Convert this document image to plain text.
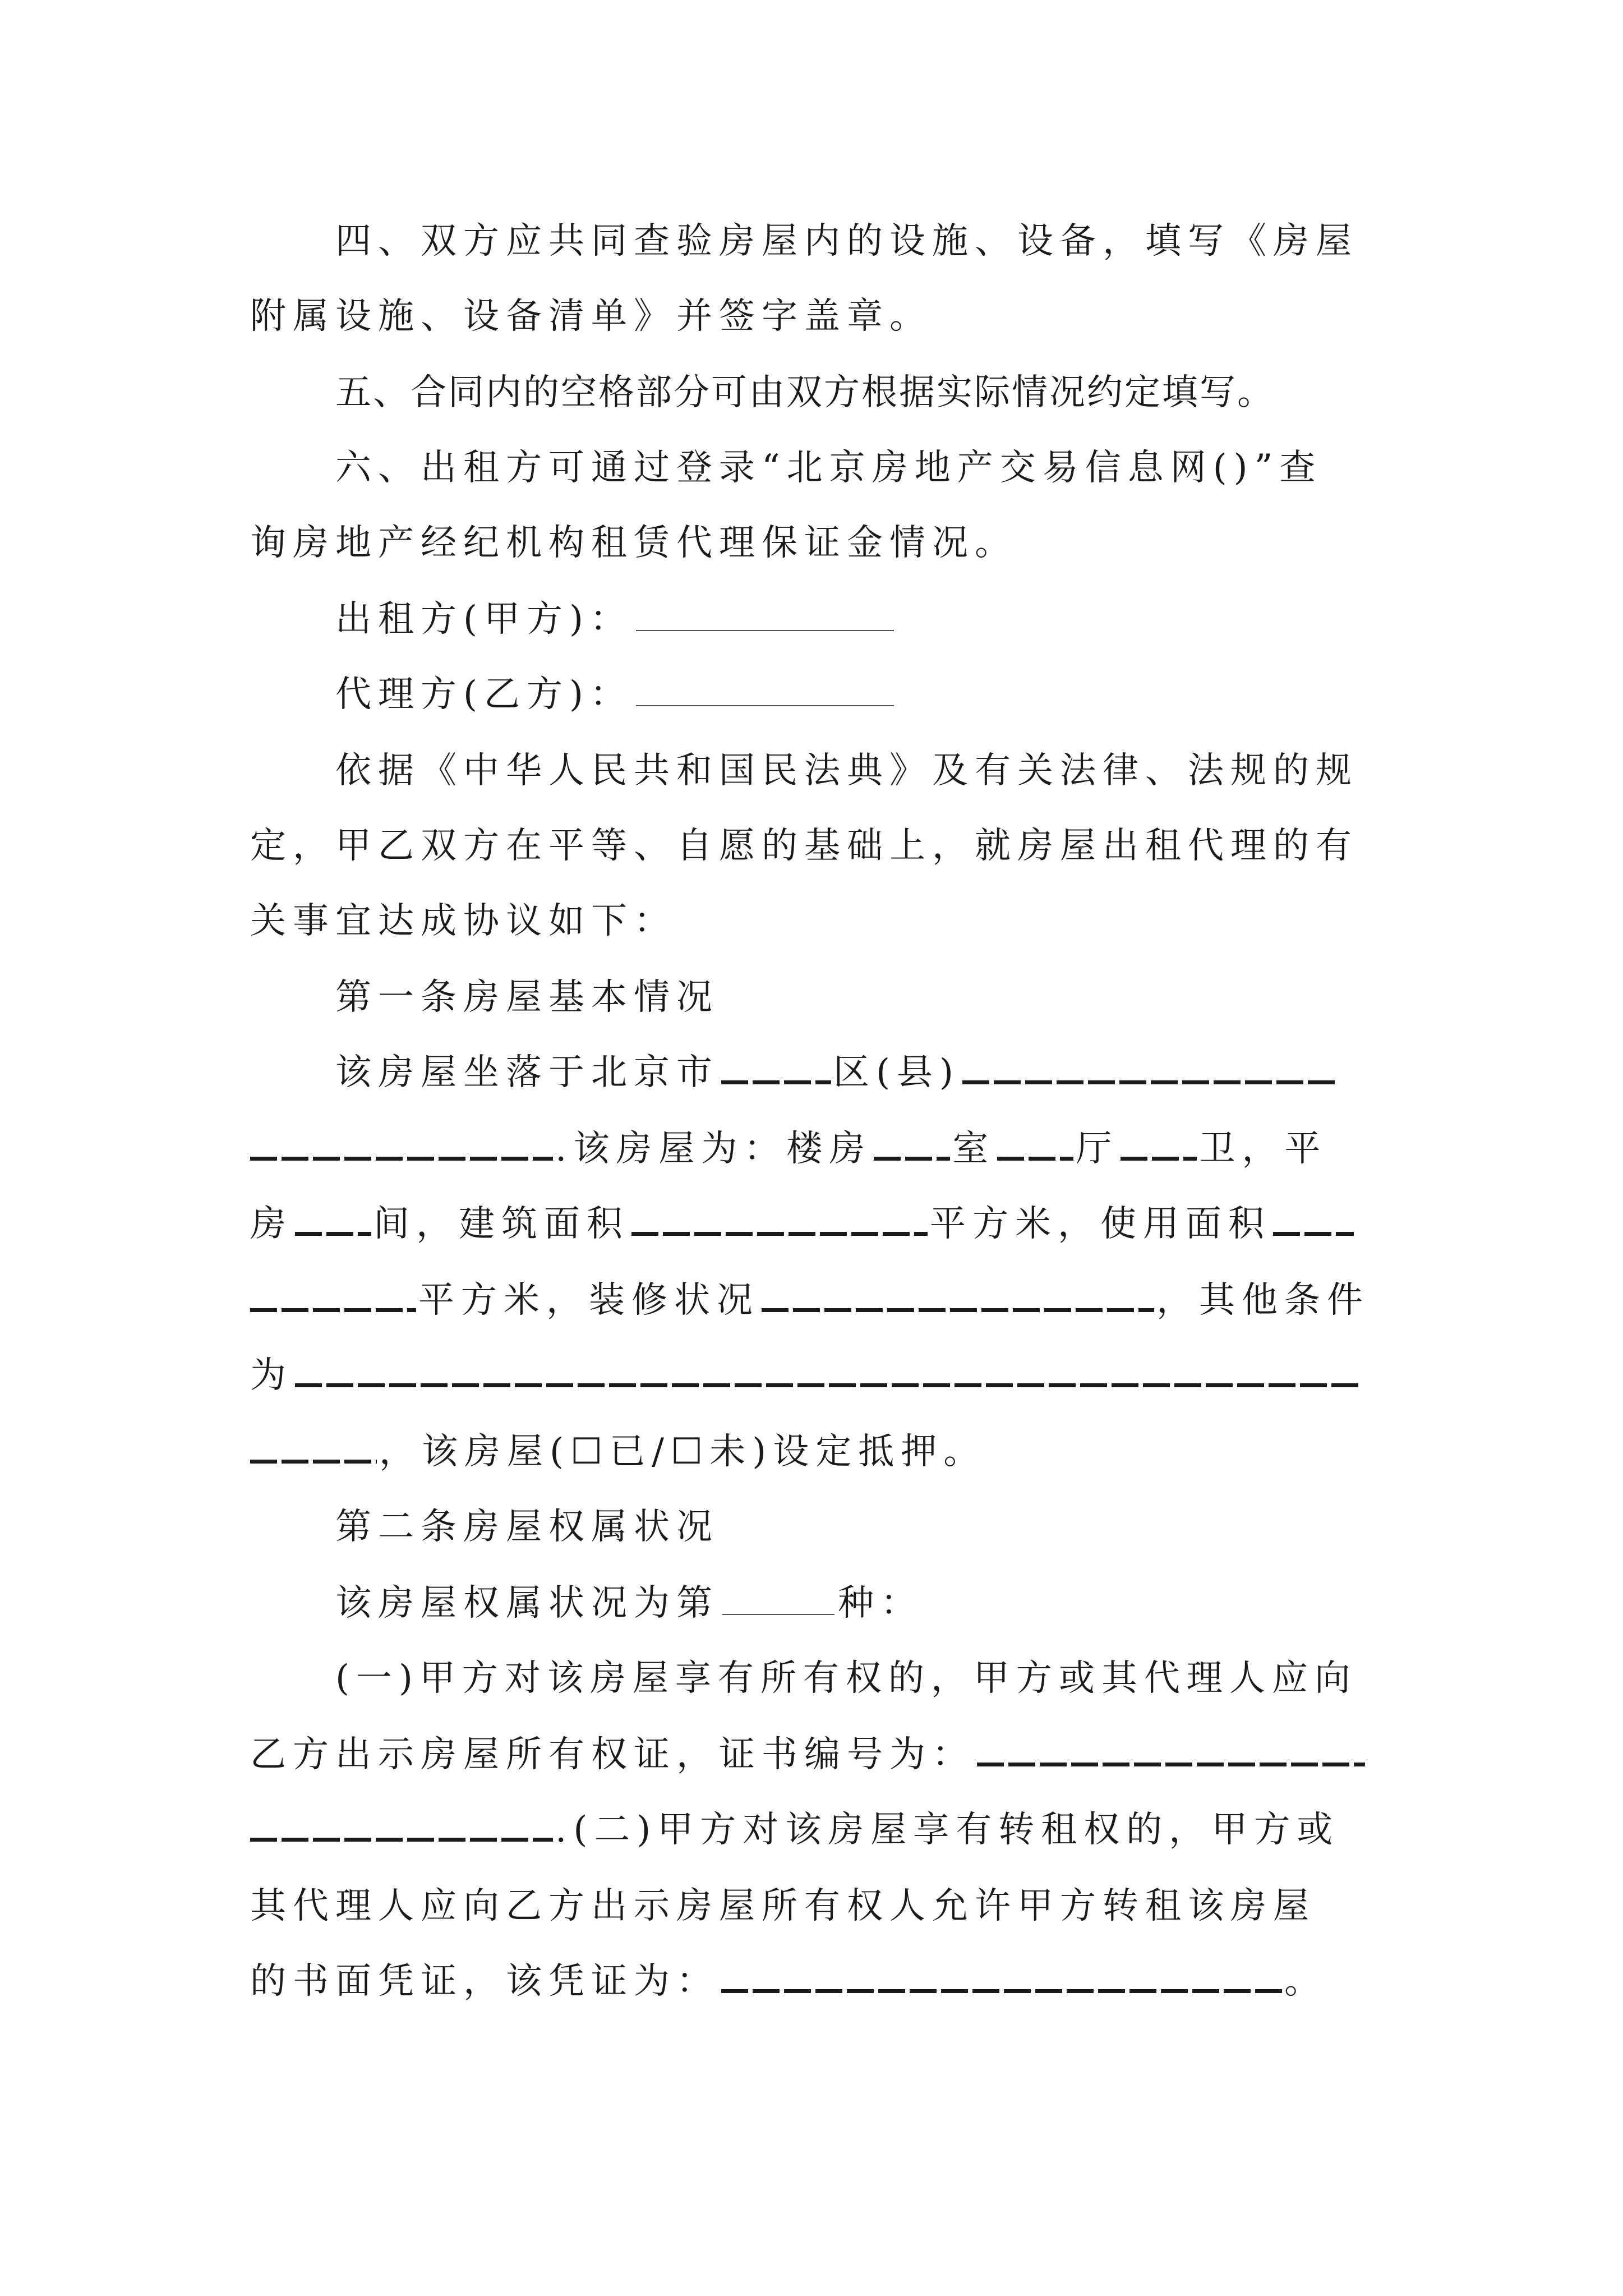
四、双方应共同查验房屋内的设施、设备，填写《房屋
附属设施、设备清单》并签字盖章。
五、合同内的空格部分可由双方根据实际情况约定填写。
六、出租方可通过登录“北京房地产交易信息网()”查
询房地产经纪机构租赁代理保证金情况。
出租方(甲方)：
代理方(乙方)：
依据《中华人民共和国民法典》及有关法律、法规的规
定，甲乙双方在平等、自愿的基础上，就房屋出租代理的有
关事宜达成协议如下：
第一条房屋基本情况
该房屋坐落于北京市	区(县)
.该房屋为：楼房 室 厅 卫，平
房 间，建筑面积	平方米，使用面积
平方米，装修状况	，其他条件
为
，该房屋(☐已/☐未)设定抵押。
第二条房屋权属状况
该房屋权属状况为第	种：
(一)甲方对该房屋享有所有权的，甲方或其代理人应向
乙方出示房屋所有权证，证书编号为：
.(二)甲方对该房屋享有转租权的，甲方或
其代理人应向乙方出示房屋所有权人允许甲方转租该房屋
的书面凭证，该凭证为：	。
